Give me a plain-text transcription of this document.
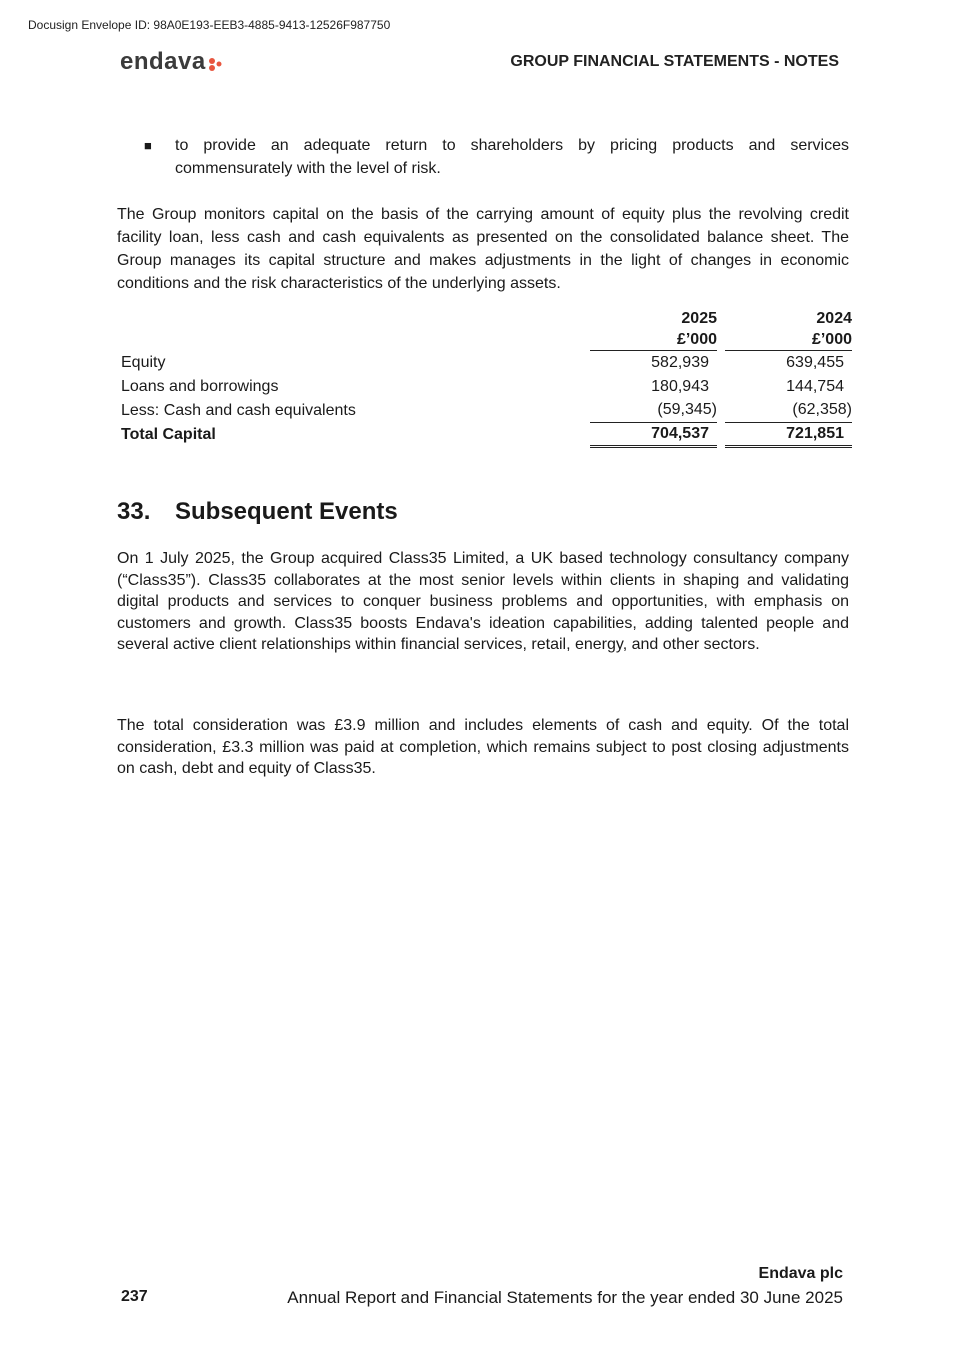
Docusign Envelope ID: 98A0E193-EEB3-4885-9413-12526F987750
endava	GROUP FINANCIAL STATEMENTS - NOTES
■ to provide an adequate return to shareholders by pricing products and services commensurately with the level of risk.

The Group monitors capital on the basis of the carrying amount of equity plus the revolving credit facility loan, less cash and cash equivalents as presented on the consolidated balance sheet. The Group manages its capital structure and makes adjustments in the light of changes in economic conditions and the risk characteristics of the underlying assets.

	2025		2024
	£’000		£’000
Equity	582,939		639,455
Loans and borrowings	180,943		144,754
Less: Cash and cash equivalents	(59,345)		(62,358)
Total Capital	704,537		721,851
33. Subsequent Events

On 1 July 2025, the Group acquired Class35 Limited, a UK based technology consultancy company (“Class35”). Class35 collaborates at the most senior levels within clients in shaping and validating digital products and services to conquer business problems and opportunities, with emphasis on customers and growth. Class35 boosts Endava's ideation capabilities, adding talented people and several active client relationships within financial services, retail, energy, and other sectors.

The total consideration was £3.9 million and includes elements of cash and equity. Of the total consideration, £3.3 million was paid at completion, which remains subject to post closing adjustments on cash, debt and equity of Class35.

Endava plc
237	Annual Report and Financial Statements for the year ended 30 June 2025
